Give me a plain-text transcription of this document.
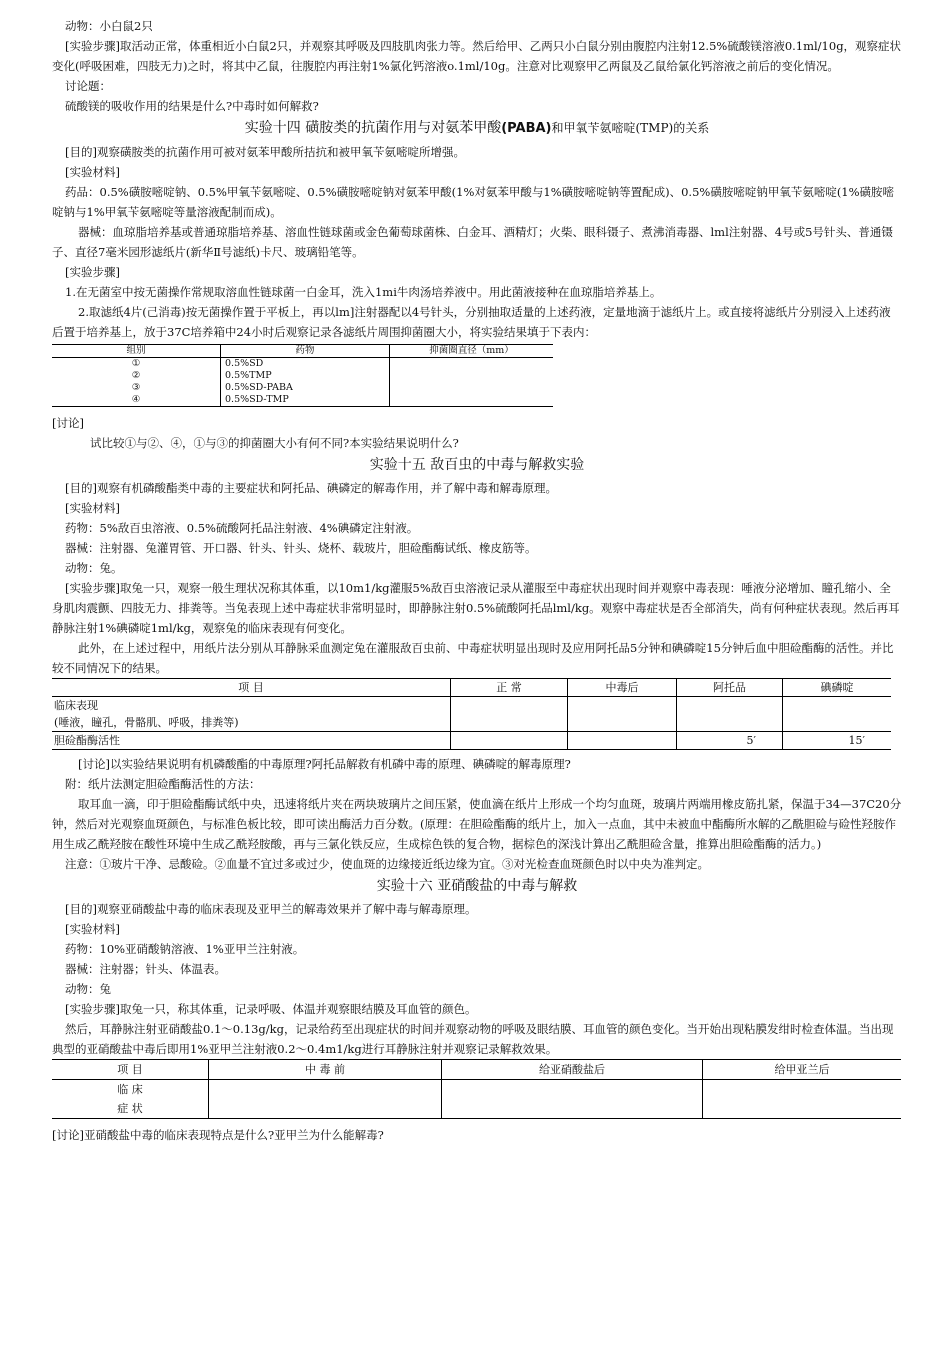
动物：小白鼠2只

[实验步骤]取活动正常，体重相近小白鼠2只，并观察其呼吸及四肢肌肉张力等。然后给甲、乙两只小白鼠分别由腹腔内注射12.5%硫酸镁溶液0.1ml/10g，观察症状变化(呼吸困难，四肢无力)之时，将其中乙鼠，往腹腔内再注射1%氯化钙溶液o.1ml/10g。注意对比观察甲乙两鼠及乙鼠给氯化钙溶液之前后的变化情况。

讨论题：

硫酸镁的吸收作用的结果是什么?中毒时如何解救?

实验十四 磺胺类的抗菌作用与对氨苯甲酸(PABA)和甲氧苄氨嘧啶(TMP)的关系

[目的]观察磺胺类的抗菌作用可被对氨苯甲酸所拮抗和被甲氧苄氨嘧啶所增强。

[实验材料]

药品：0.5%磺胺嘧啶钠、0.5%甲氧苄氨嘧啶、0.5%磺胺嘧啶钠对氨苯甲酸(1%对氨苯甲酸与1%磺胺嘧啶钠等置配成)、0.5%磺胺嘧啶钠甲氧苄氨嘧啶(1%磺胺嘧啶钠与1%甲氧苄氨嘧啶等量溶液配制而成)。

器械：血琼脂培养基或普通琼脂培养基、溶血性链球菌或金色葡萄球菌株、白金耳、酒精灯；火柴、眼科镊子、煮沸消毒器、lml注射器、4号或5号针头、普通镊子、直径7毫米园形滤纸片(新华Ⅱ号滤纸)卡尺、玻璃铅笔等。

[实验步骤]

1.在无菌室中按无菌操作常规取溶血性链球菌一白金耳，洗入1mi牛肉汤培养液中。用此菌液接种在血琼脂培养基上。

2.取滤纸4片(己消毒)按无菌操作置于平板上，再以lm]注射器配以4号针头，分别抽取适量的上述药液，定量地滴于滤纸片上。或直接将滤纸片分别浸入上述药液后置于培养基上，放于37C培养箱中24小时后观察记录各滤纸片周围抑菌圈大小，将实验结果填于下表内：

组别	药物	抑菌圈直径（mm）
①	0.5%SD	
②	0.5%TMP	
③	0.5%SD-PABA	
④	0.5%SD-TMP	

[讨论]

试比较①与②、④，①与③的抑菌圈大小有何不同?本实验结果说明什么?

实验十五 敌百虫的中毒与解救实验

[目的]观察有机磷酸酯类中毒的主要症状和阿托品、碘磷定的解毒作用，并了解中毒和解毒原理。

[实验材料]

药物：5%敌百虫溶液、0.5%硫酸阿托品注射液、4%碘磷定注射液。

器械：注射器、兔灌胃管、开口器、针头、针头、烧杯、载玻片，胆硷酯酶试纸、橡皮筋等。

动物：兔。

[实验步骤]取兔一只，观察一般生理状况称其体重，以10m1/kg灌服5%敌百虫溶液记录从灌服至中毒症状出现时间并观察中毒表现：唾液分泌增加、瞳孔缩小、全身肌肉震颤、四肢无力、排粪等。当兔表现上述中毒症状非常明显时，即静脉注射0.5%硫酸阿托品lml/kg。观察中毒症状是否全部消失，尚有何种症状表现。然后再耳静脉注射1%碘磷啶1ml/kg，观察兔的临床表现有何变化。

此外，在上述过程中，用纸片法分别从耳静脉采血测定兔在灌服敌百虫前、中毒症状明显出现时及应用阿托品5分钟和碘磷啶15分钟后血中胆硷酯酶的活性。并比较不同情况下的结果。

项 目	正 常	中毒后	阿托品	碘磷啶

临床表现
(唾液，瞳孔，骨骼肌、呼吸，排粪等)				

胆硷酯酶活性			5′	15′

[讨论]以实验结果说明有机磷酸酯的中毒原理?阿托品解救有机磷中毒的原理、碘磷啶的解毒原理?

附：纸片法测定胆硷酯酶活性的方法：

取耳血一滴，印于胆硷酯酶试纸中央，迅速将纸片夹在两块玻璃片之间压紧，使血滴在纸片上形成一个均匀血斑，玻璃片两端用橡皮筋扎紧，保温于34—37C20分钟，然后对光观察血斑颜色，与标准色板比较，即可读出酶活力百分数。(原理：在胆硷酯酶的纸片上，加入一点血，其中未被血中酯酶所水解的乙酰胆硷与硷性羟胺作用生成乙酰羟胺在酸性环境中生成乙酰羟胺酸，再与三氯化铁反应，生成棕色铁的复合物，据棕色的深浅计算出乙酰胆硷含量，推算出胆硷酯酶的活力。)

注意：①玻片干净、忌酸硷。②血量不宜过多或过少，使血斑的边缘接近纸边缘为宜。③对光检查血斑颜色时以中央为准判定。

实验十六 亚硝酸盐的中毒与解救

[目的]观察亚硝酸盐中毒的临床表现及亚甲兰的解毒效果并了解中毒与解毒原理。

[实验材料]

药物：10%亚硝酸钠溶液、1%亚甲兰注射液。

器械：注射器；针头、体温表。

动物：兔

[实验步骤]取兔一只，称其体重，记录呼吸、体温并观察眼结膜及耳血管的颜色。

然后，耳静脉注射亚硝酸盐0.1～0.13g/kg，记录给药至出现症状的时间并观察动物的呼吸及眼结膜、耳血管的颜色变化。当开始出现粘膜发绀时检查体温。当出现典型的亚硝酸盐中毒后即用1%亚甲兰注射液0.2～0.4m1/kg进行耳静脉注射并观察记录解救效果。

项 目	中 毒 前	给亚硝酸盐后	给甲亚兰后

临 床
症 状			

[讨论]亚硝酸盐中毒的临床表现特点是什么?亚甲兰为什么能解毒?
